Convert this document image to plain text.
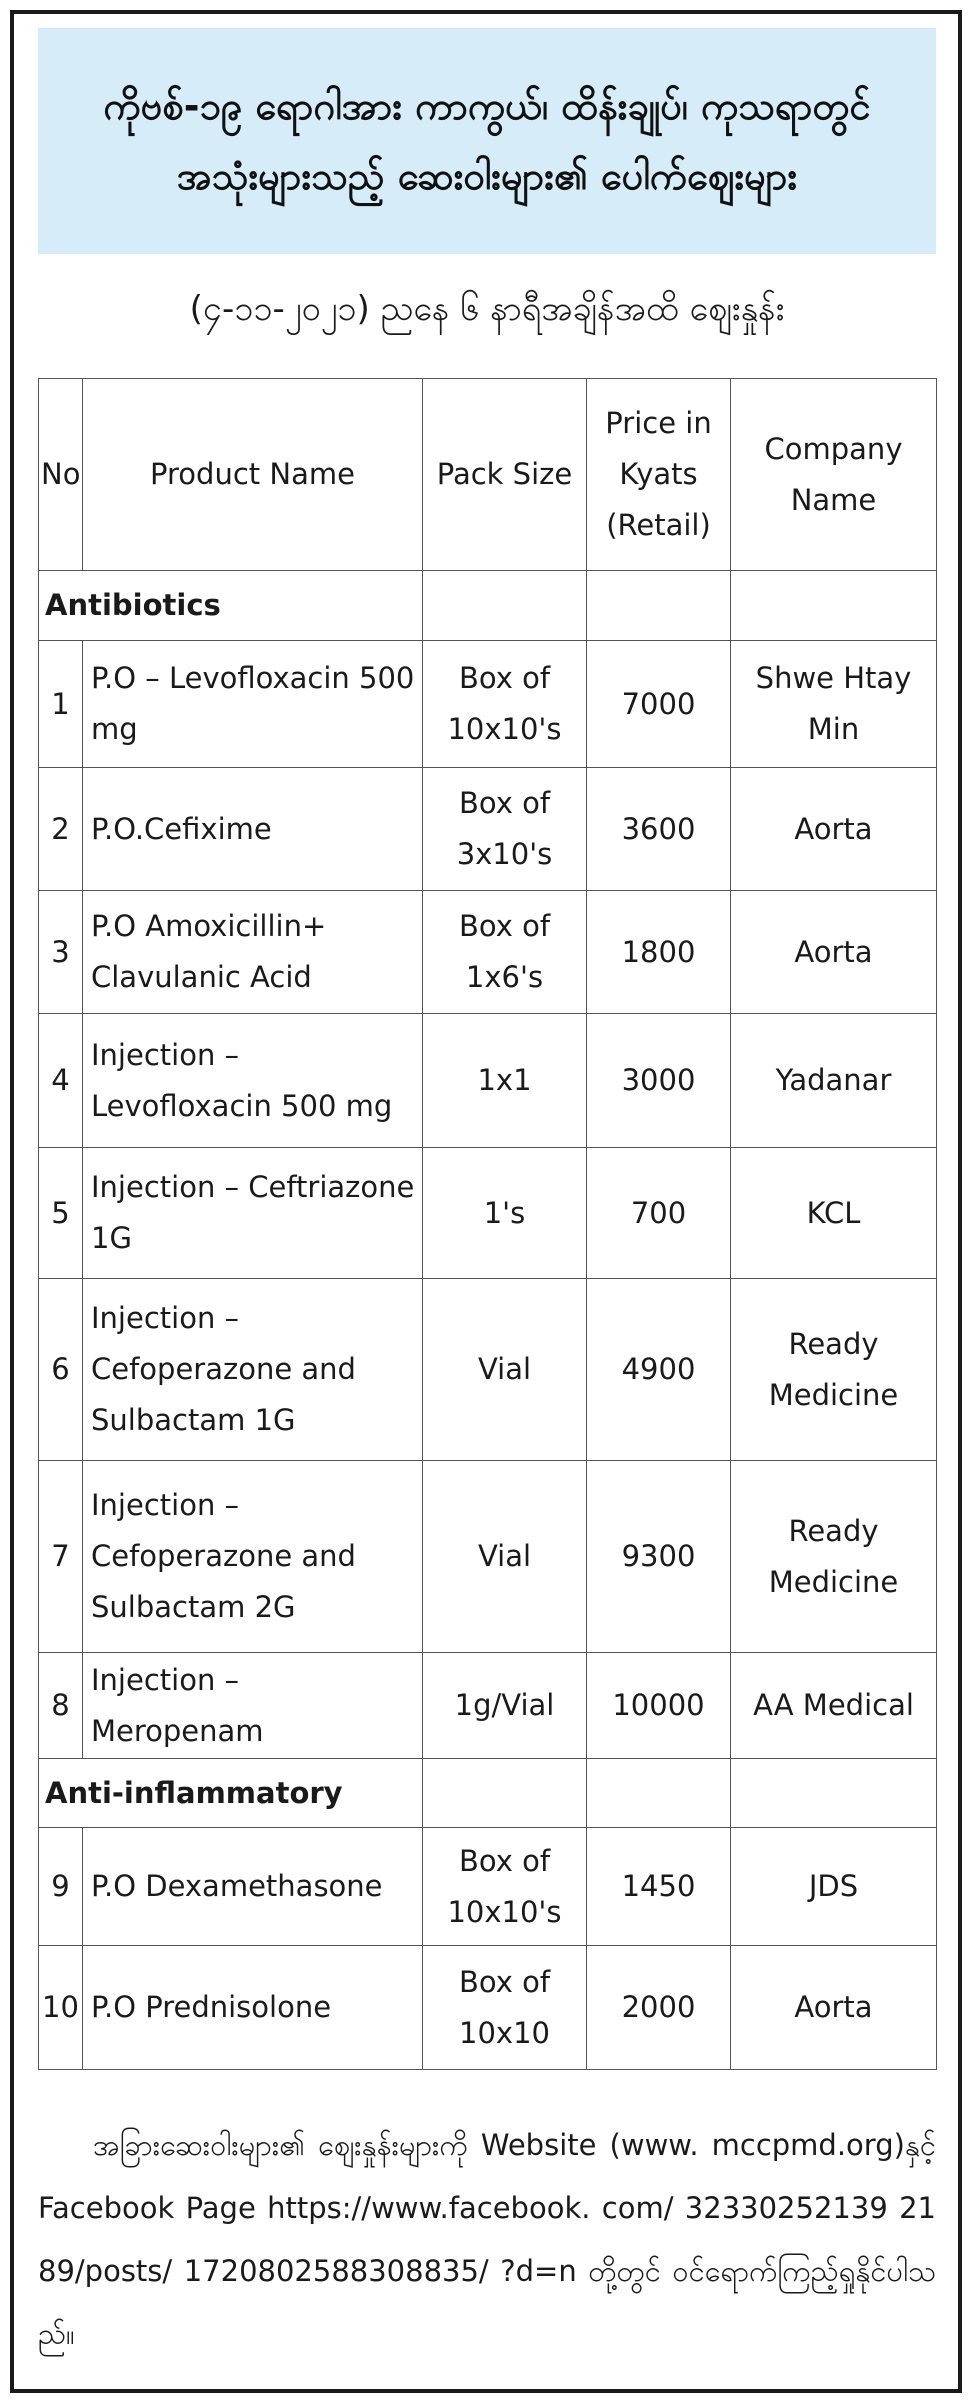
ကိုဗစ်-၁၉ ရောဂါအား ကာကွယ်၊ ထိန်းချုပ်၊ ကုသရာတွင်
အသုံးများသည့် ဆေးဝါးများ၏ ပေါက်ဈေးများ
(၄-၁၁-၂၀၂၁) ညနေ ၆ နာရီအချိန်အထိ ဈေးနှုန်း
No	Product Name	Pack Size	Price in Kyats (Retail)	Company Name
Antibiotics				
1	P.O – Levofloxacin 500 mg	Box of 10x10's	7000	Shwe Htay Min
2	P.O.Cefixime	Box of 3x10's	3600	Aorta
3	P.O Amoxicillin+ Clavulanic Acid	Box of 1x6's	1800	Aorta
4	Injection – Levofloxacin 500 mg	1x1	3000	Yadanar
5	Injection – Ceftriazone 1G	1's	700	KCL
6	Injection – Cefoperazone and Sulbactam 1G	Vial	4900	Ready Medicine
7	Injection – Cefoperazone and Sulbactam 2G	Vial	9300	Ready Medicine
8	Injection – Meropenam	1g/Vial	10000	AA Medical
Anti-inflammatory				
9	P.O Dexamethasone	Box of 10x10's	1450	JDS
10	P.O Prednisolone	Box of 10x10	2000	Aorta

အခြားဆေးဝါးများ၏ ဈေးနှုန်းများကို Website (www. mccpmd.org)နှင့် Facebook Page https://www.facebook. com/ 32330252139 2189/posts/ 1720802588308835/ ?d=n တို့တွင် ဝင်ရောက်ကြည့်ရှုနိုင်ပါသည်။
